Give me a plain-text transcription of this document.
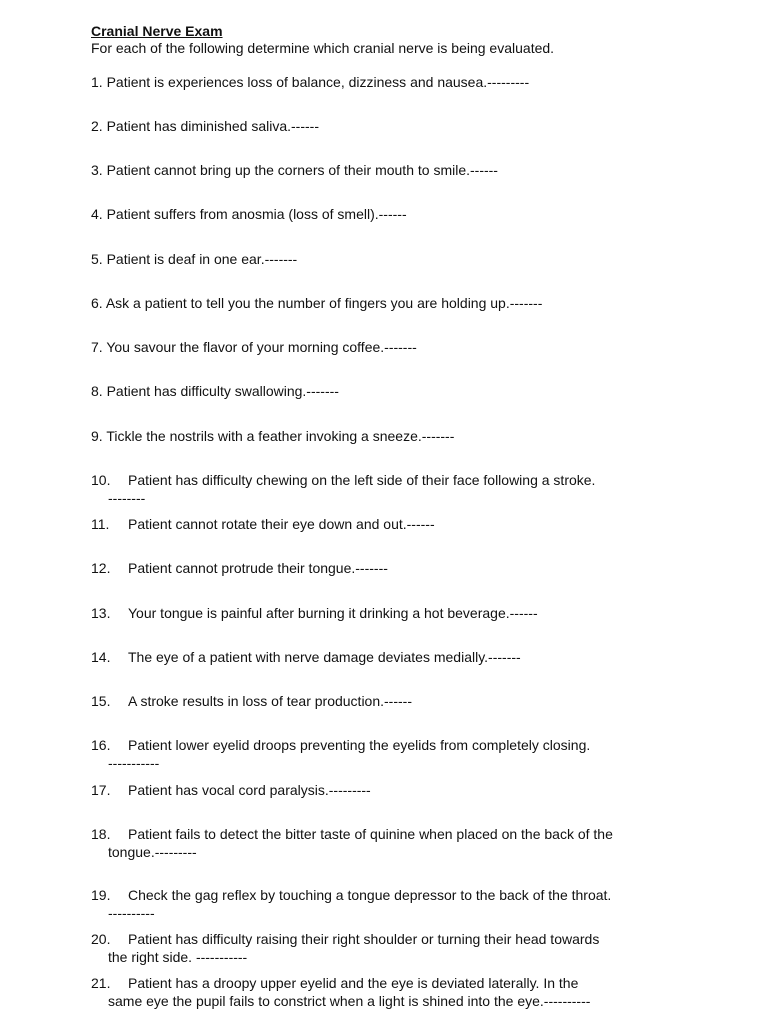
Cranial Nerve Exam
For each of the following determine which cranial nerve is being evaluated.
1. Patient is experiences loss of balance, dizziness and nausea.---------
2. Patient has diminished saliva.------
3. Patient cannot bring up the corners of their mouth to smile.------
4. Patient suffers from anosmia (loss of smell).------
5. Patient is deaf in one ear.-------
6. Ask a patient to tell you the number of fingers you are holding up.-------
7. You savour the flavor of your morning coffee.-------
8. Patient has difficulty swallowing.-------
9. Tickle the nostrils with a feather invoking a sneeze.-------
10. Patient has difficulty chewing on the left side of their face following a stroke.
--------
11. Patient cannot rotate their eye down and out.------
12. Patient cannot protrude their tongue.-------
13. Your tongue is painful after burning it drinking a hot beverage.------
14. The eye of a patient with nerve damage deviates medially.-------
15. A stroke results in loss of tear production.------
16. Patient lower eyelid droops preventing the eyelids from completely closing.
-----------
17. Patient has vocal cord paralysis.---------
18. Patient fails to detect the bitter taste of quinine when placed on the back of the
tongue.---------
19. Check the gag reflex by touching a tongue depressor to the back of the throat.
----------
20. Patient has difficulty raising their right shoulder or turning their head towards
the right side. -----------
21. Patient has a droopy upper eyelid and the eye is deviated laterally. In the
same eye the pupil fails to constrict when a light is shined into the eye.----------
